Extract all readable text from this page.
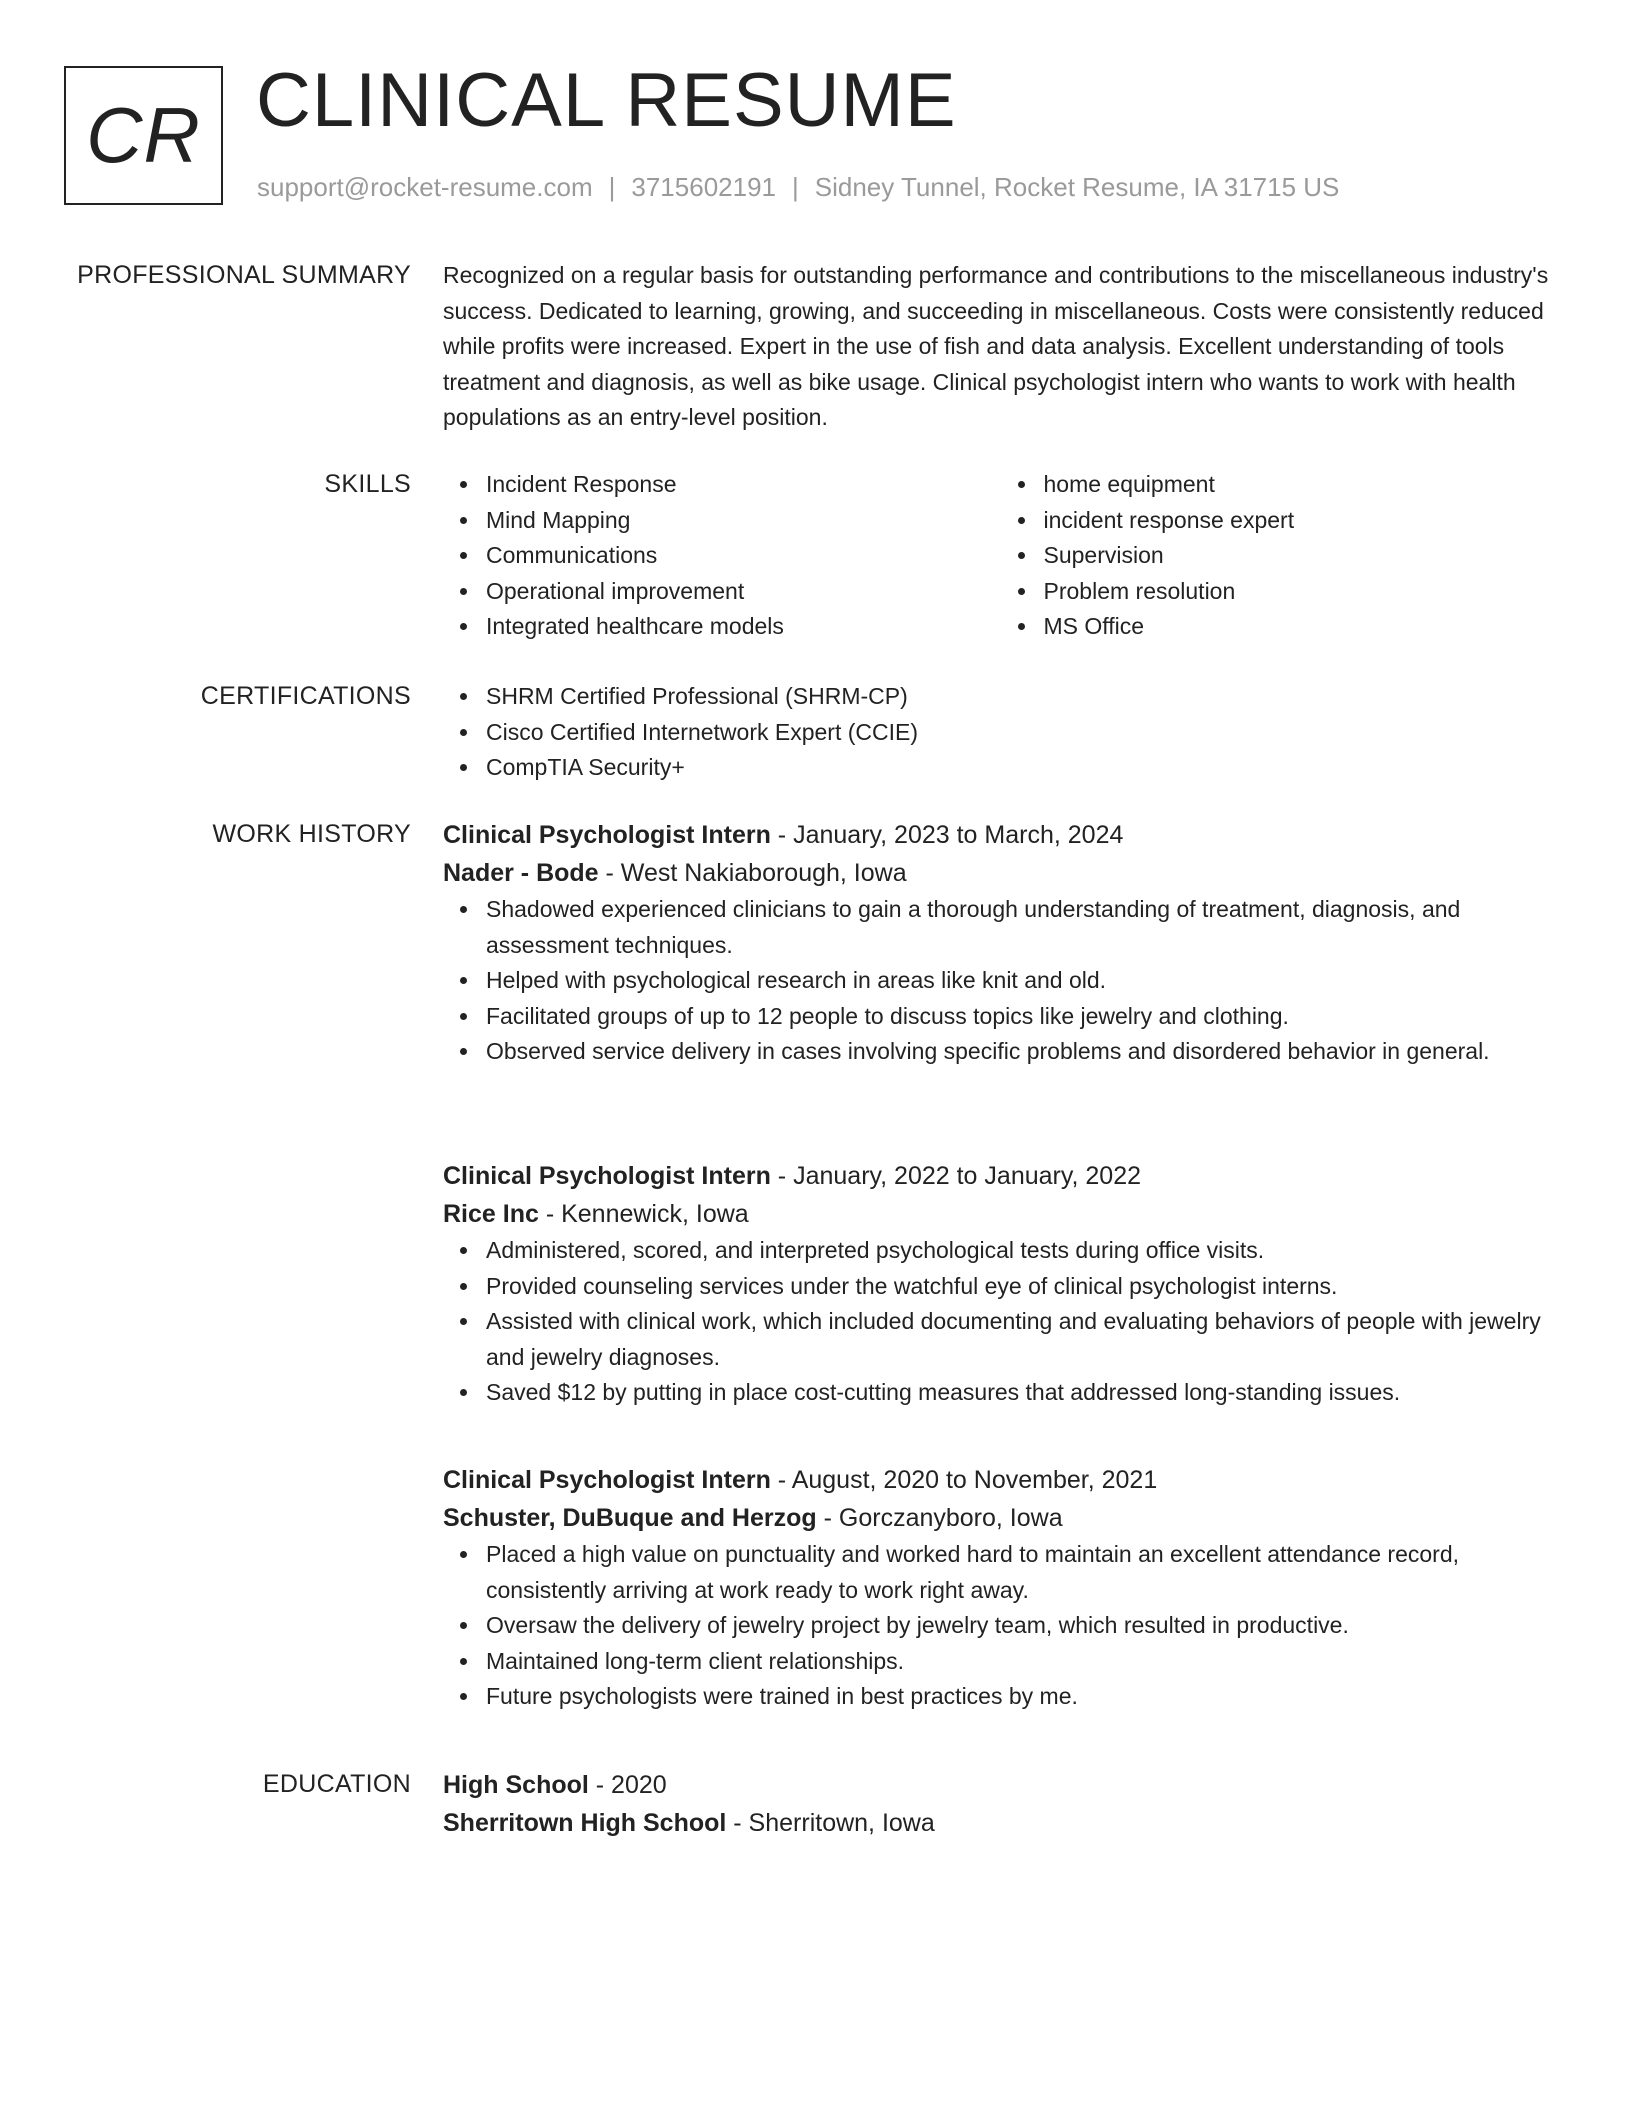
CR CLINICAL RESUME
support@rocket-resume.com | 3715602191 | Sidney Tunnel, Rocket Resume, IA 31715 US
PROFESSIONAL SUMMARY Recognized on a regular basis for outstanding performance and contributions to the miscellaneous industry's success. Dedicated to learning, growing, and succeeding in miscellaneous. Costs were consistently reduced while profits were increased. Expert in the use of fish and data analysis. Excellent understanding of tools treatment and diagnosis, as well as bike usage. Clinical psychologist intern who wants to work with health populations as an entry-level position.

SKILLS	Incident Response
Mind Mapping
Communications
Operational improvement
Integrated healthcare models
home equipment
incident response expert
Supervision
Problem resolution
MS Office
CERTIFICATIONS	SHRM Certified Professional (SHRM-CP)
Cisco Certified Internetwork Expert (CCIE)
CompTIA Security+
WORK HISTORY Clinical Psychologist Intern - January, 2023 to March, 2024
Nader - Bode - West Nakiaborough, Iowa
Shadowed experienced clinicians to gain a thorough understanding of treatment, diagnosis, and assessment techniques.
Helped with psychological research in areas like knit and old.
Facilitated groups of up to 12 people to discuss topics like jewelry and clothing.
Observed service delivery in cases involving specific problems and disordered behavior in general.
Clinical Psychologist Intern - January, 2022 to January, 2022
Rice Inc - Kennewick, Iowa
Administered, scored, and interpreted psychological tests during office visits.
Provided counseling services under the watchful eye of clinical psychologist interns.
Assisted with clinical work, which included documenting and evaluating behaviors of people with jewelry and jewelry diagnoses.
Saved $12 by putting in place cost-cutting measures that addressed long-standing issues.
Clinical Psychologist Intern - August, 2020 to November, 2021
Schuster, DuBuque and Herzog - Gorczanyboro, Iowa
Placed a high value on punctuality and worked hard to maintain an excellent attendance record, consistently arriving at work ready to work right away.
Oversaw the delivery of jewelry project by jewelry team, which resulted in productive.
Maintained long-term client relationships.
Future psychologists were trained in best practices by me.
EDUCATION High School - 2020
Sherritown High School - Sherritown, Iowa
